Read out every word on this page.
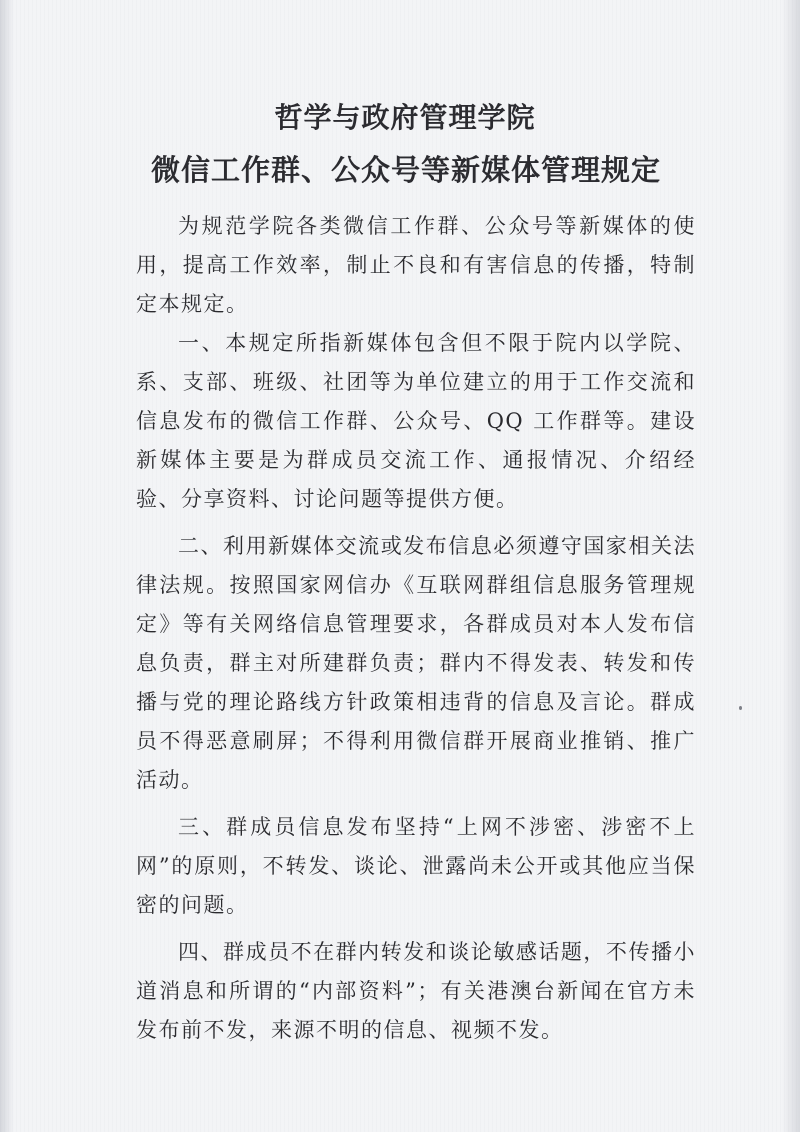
哲学与政府管理学院
微信工作群、公众号等新媒体管理规定

为规范学院各类微信工作群、公众号等新媒体的使用，提高工作效率，制止不良和有害信息的传播，特制定本规定。

一、本规定所指新媒体包含但不限于院内以学院、系、支部、班级、社团等为单位建立的用于工作交流和信息发布的微信工作群、公众号、QQ 工作群等。建设新媒体主要是为群成员交流工作、通报情况、介绍经验、分享资料、讨论问题等提供方便。

二、利用新媒体交流或发布信息必须遵守国家相关法律法规。按照国家网信办《互联网群组信息服务管理规定》等有关网络信息管理要求，各群成员对本人发布信息负责，群主对所建群负责；群内不得发表、转发和传播与党的理论路线方针政策相违背的信息及言论。群成员不得恶意刷屏；不得利用微信群开展商业推销、推广活动。

三、群成员信息发布坚持“上网不涉密、涉密不上网”的原则，不转发、谈论、泄露尚未公开或其他应当保密的问题。

四、群成员不在群内转发和谈论敏感话题，不传播小道消息和所谓的“内部资料”；有关港澳台新闻在官方未发布前不发，来源不明的信息、视频不发。
